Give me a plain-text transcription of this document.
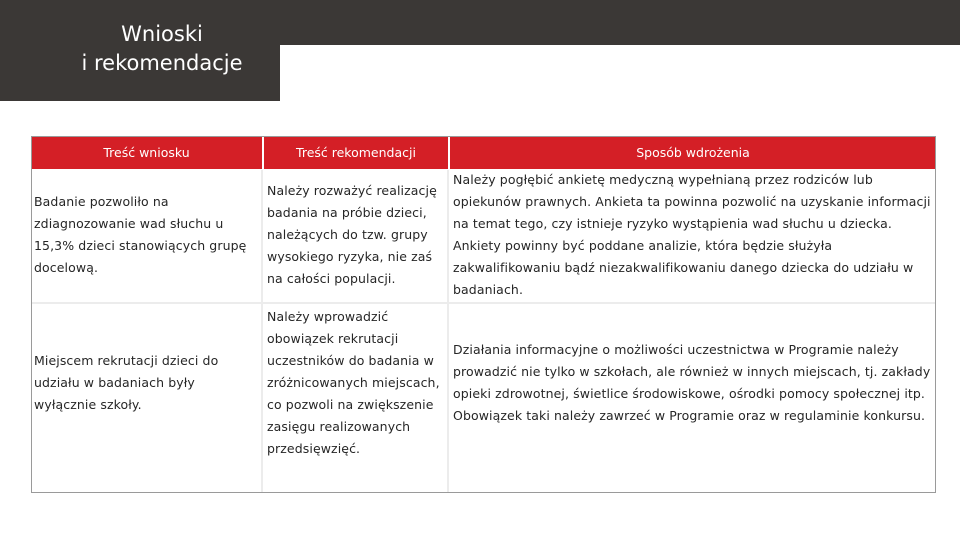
Wnioski
i rekomendacje
Treść wniosku	Treść rekomendacji	Sposób wdrożenia
Badanie pozwoliło na zdiagnozowanie wad słuchu u 15,3% dzieci stanowiących grupę docelową.	Należy rozważyć realizację badania na próbie dzieci, należących do tzw. grupy wysokiego ryzyka, nie zaś na całości populacji.	Należy pogłębić ankietę medyczną wypełnianą przez rodziców lub opiekunów prawnych. Ankieta ta powinna pozwolić na uzyskanie informacji na temat tego, czy istnieje ryzyko wystąpienia wad słuchu u dziecka. Ankiety powinny być poddane analizie, która będzie służyła zakwalifikowaniu bądź niezakwalifikowaniu danego dziecka do udziału w badaniach.
Miejscem rekrutacji dzieci do udziału w badaniach były wyłącznie szkoły.	Należy wprowadzić obowiązek rekrutacji uczestników do badania w zróżnicowanych miejscach, co pozwoli na zwiększenie zasięgu realizowanych przedsięwzięć.	Działania informacyjne o możliwości uczestnictwa w Programie należy prowadzić nie tylko w szkołach, ale również w innych miejscach, tj. zakłady opieki zdrowotnej, świetlice środowiskowe, ośrodki pomocy społecznej itp. Obowiązek taki należy zawrzeć w Programie oraz w regulaminie konkursu.
